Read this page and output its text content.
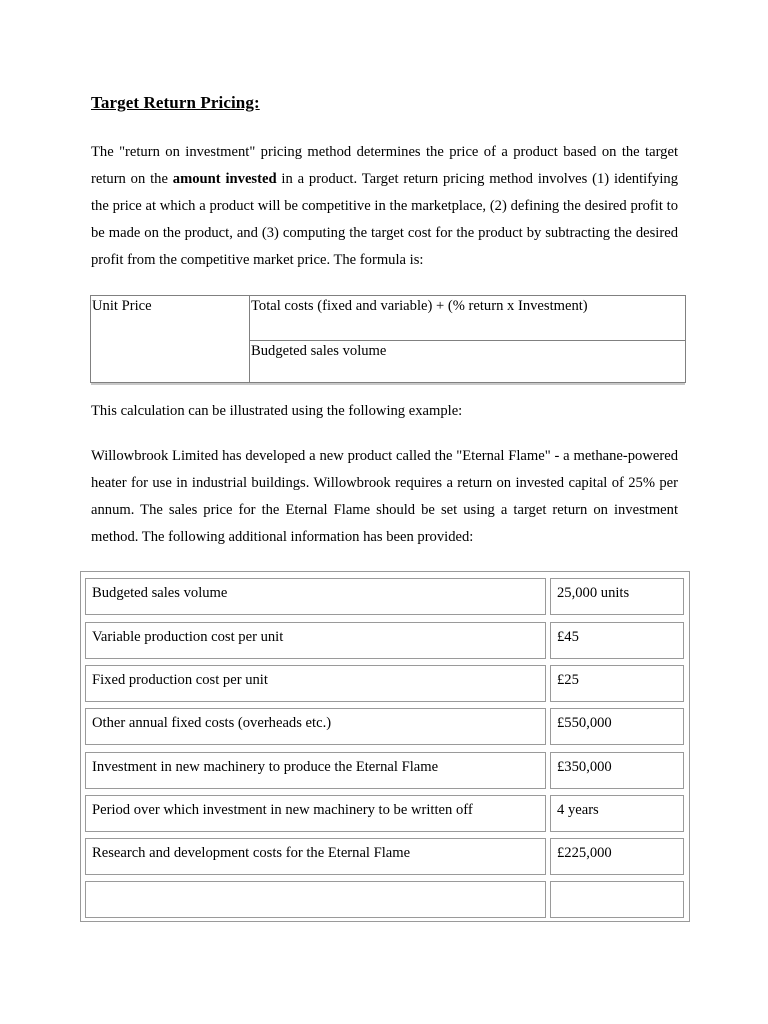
Target Return Pricing:

The "return on investment" pricing method determines the price of a product based on the target return on the amount invested in a product. Target return pricing method involves (1) identifying the price at which a product will be competitive in the marketplace, (2) defining the desired profit to be made on the product, and (3) computing the target cost for the product by subtracting the desired profit from the competitive market price. The formula is:

Unit Price	Total costs (fixed and variable) + (% return x Investment)
Budgeted sales volume

This calculation can be illustrated using the following example:

Willowbrook Limited has developed a new product called the "Eternal Flame" - a methane-powered heater for use in industrial buildings. Willowbrook requires a return on invested capital of 25% per annum. The sales price for the Eternal Flame should be set using a target return on investment method. The following additional information has been provided:

Budgeted sales volume	25,000 units
Variable production cost per unit	£45
Fixed production cost per unit	£25
Other annual fixed costs (overheads etc.)	£550,000
Investment in new machinery to produce the Eternal Flame	£350,000
Period over which investment in new machinery to be written off	4 years
Research and development costs for the Eternal Flame	£225,000
